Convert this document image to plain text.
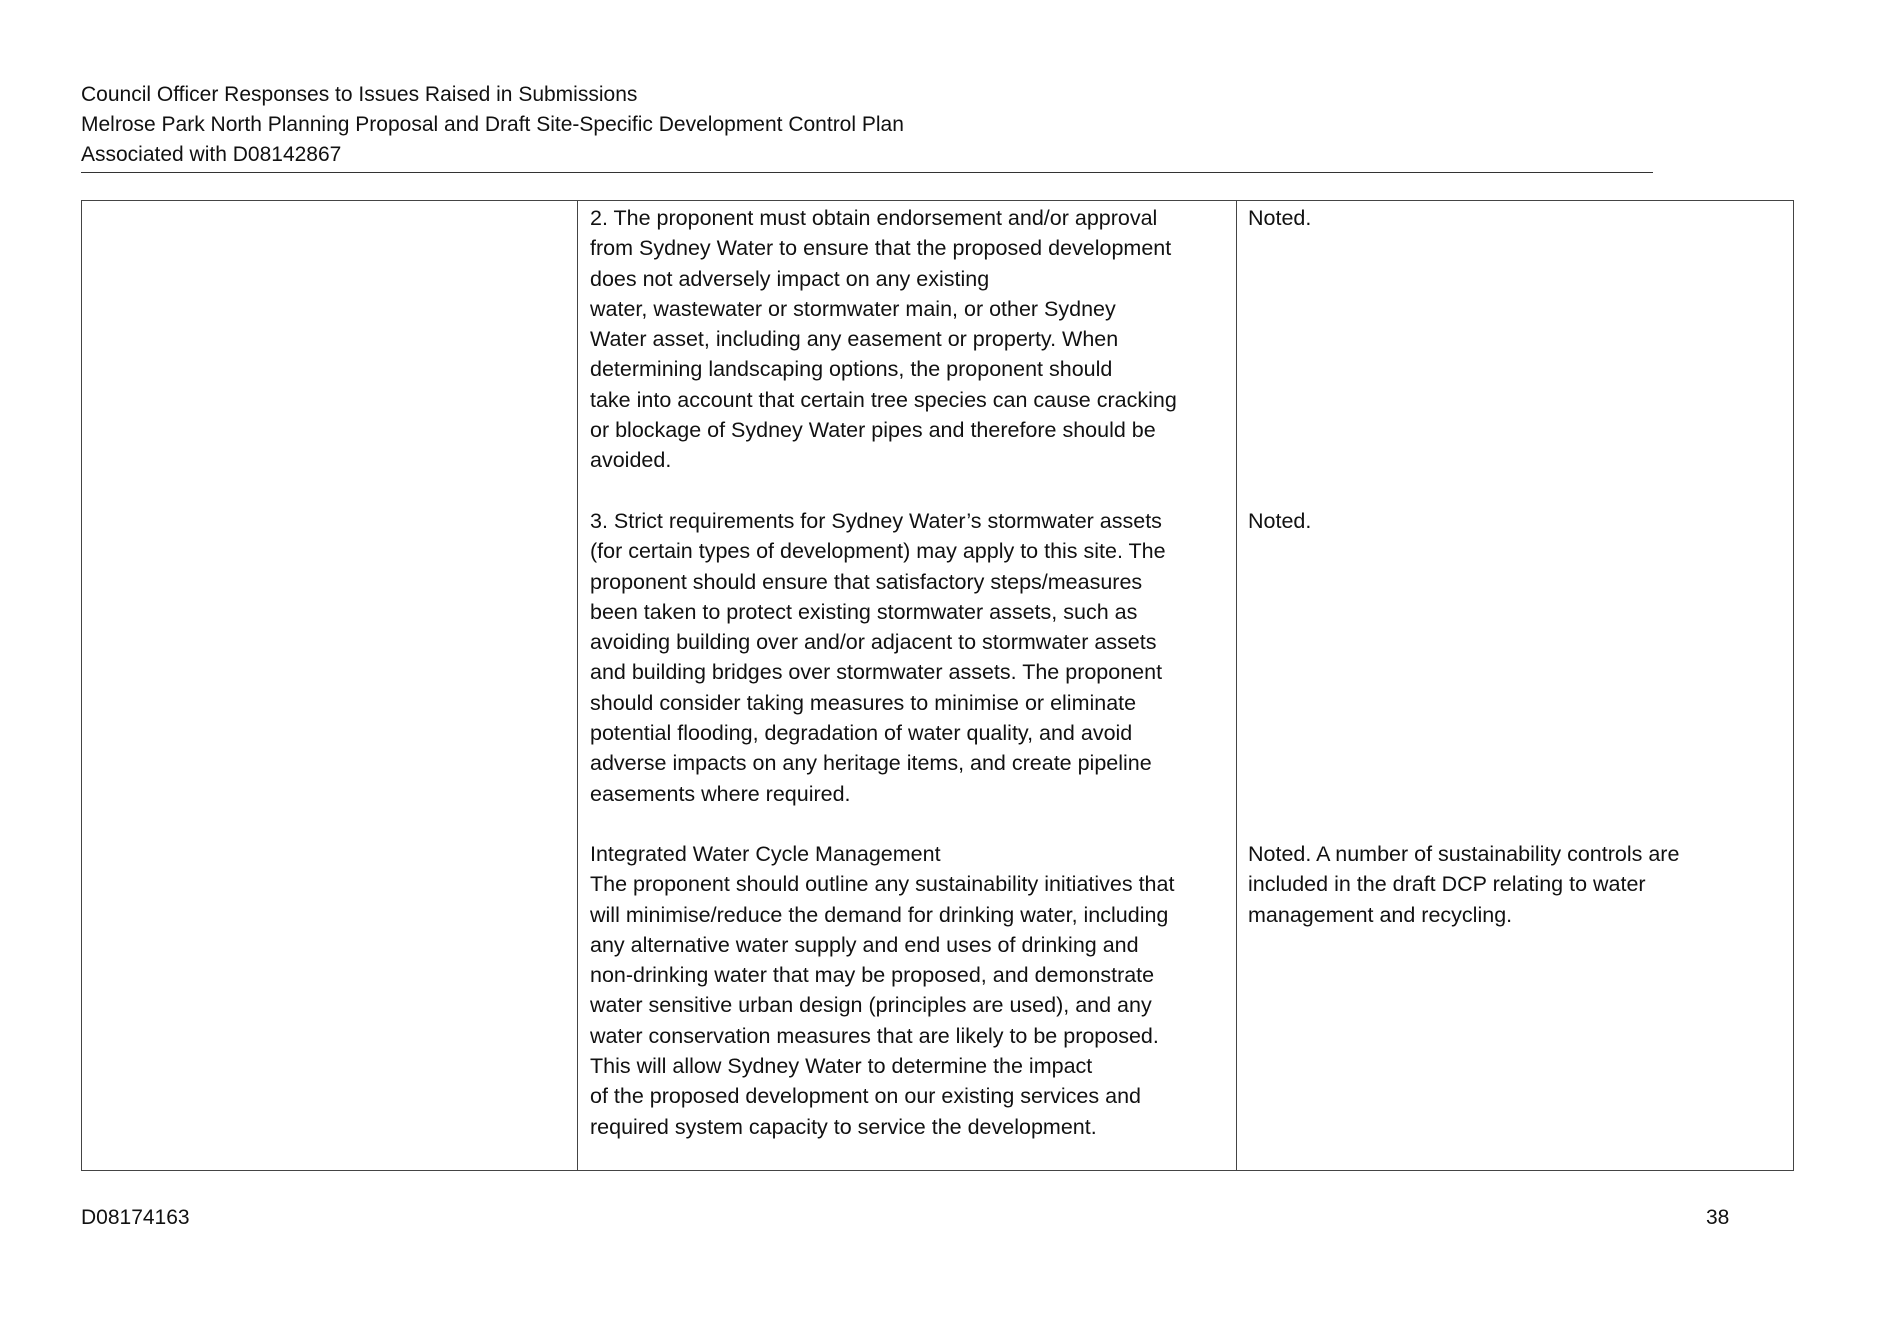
Council Officer Responses to Issues Raised in Submissions
Melrose Park North Planning Proposal and Draft Site-Specific Development Control Plan
Associated with D08142867
2. The proponent must obtain endorsement and/or approval
from Sydney Water to ensure that the proposed development
does not adversely impact on any existing
water, wastewater or stormwater main, or other Sydney
Water asset, including any easement or property. When
determining landscaping options, the proponent should
take into account that certain tree species can cause cracking
or blockage of Sydney Water pipes and therefore should be
avoided.
3. Strict requirements for Sydney Water’s stormwater assets
(for certain types of development) may apply to this site. The
proponent should ensure that satisfactory steps/measures
been taken to protect existing stormwater assets, such as
avoiding building over and/or adjacent to stormwater assets
and building bridges over stormwater assets. The proponent
should consider taking measures to minimise or eliminate
potential flooding, degradation of water quality, and avoid
adverse impacts on any heritage items, and create pipeline
easements where required.
Integrated Water Cycle Management
The proponent should outline any sustainability initiatives that
will minimise/reduce the demand for drinking water, including
any alternative water supply and end uses of drinking and
non-drinking water that may be proposed, and demonstrate
water sensitive urban design (principles are used), and any
water conservation measures that are likely to be proposed.
This will allow Sydney Water to determine the impact
of the proposed development on our existing services and
required system capacity to service the development.
Noted.
Noted.
Noted. A number of sustainability controls are
included in the draft DCP relating to water
management and recycling.
D08174163	38
